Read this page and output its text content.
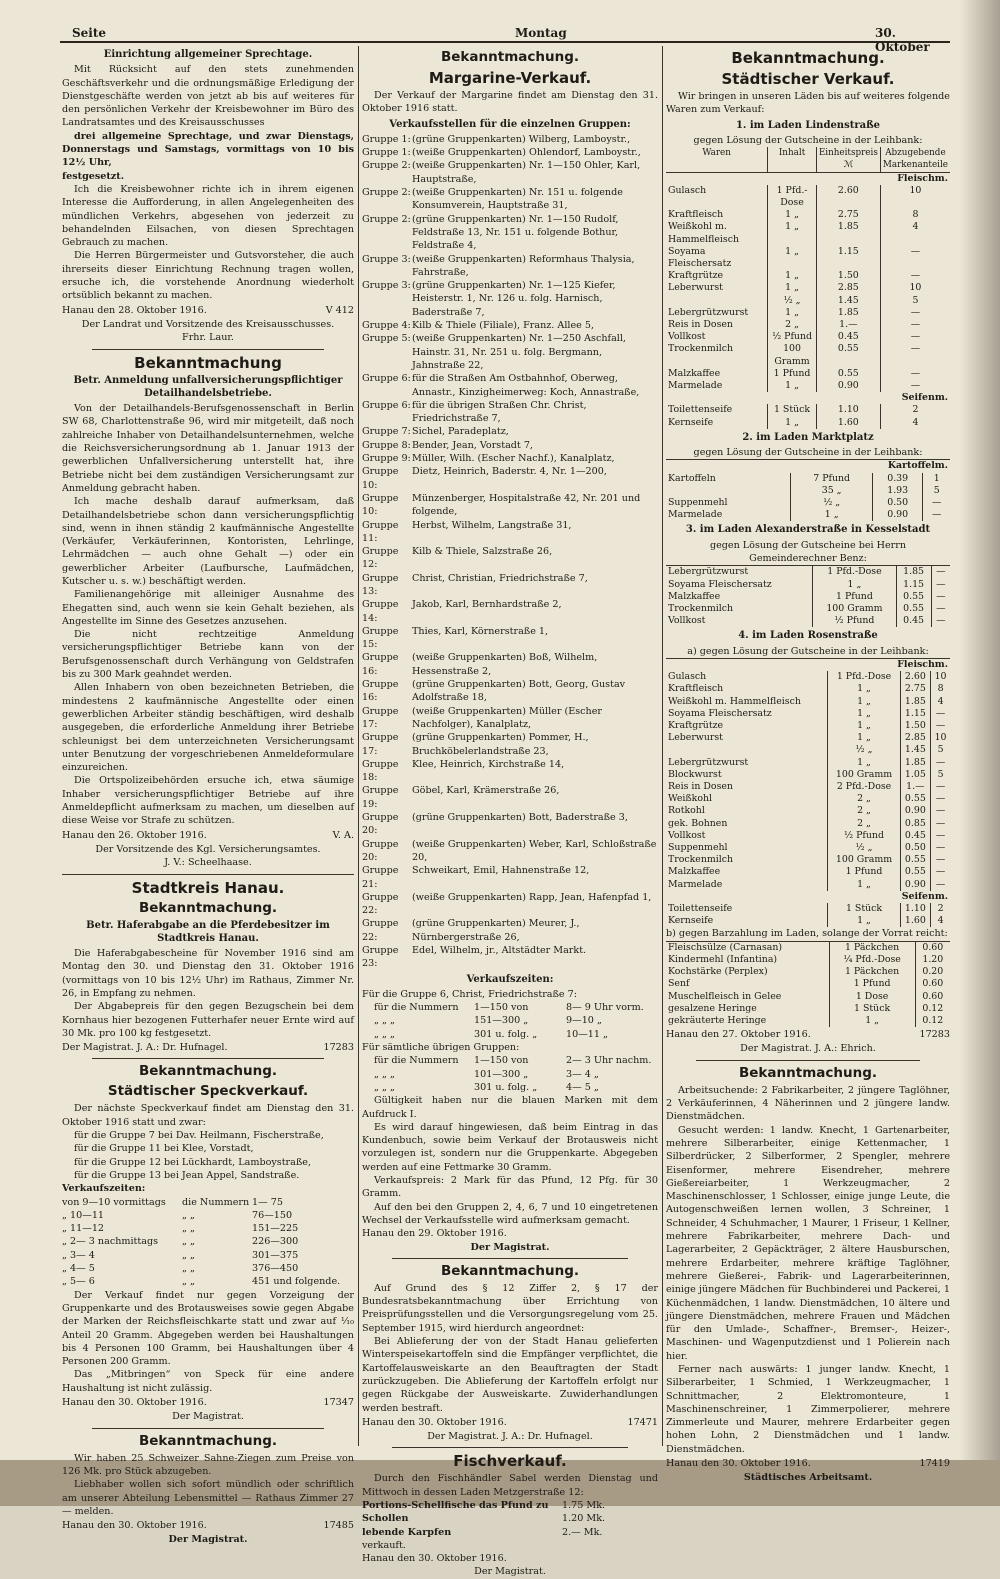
Seite	Montag	30. Oktober
Einrichtung allgemeiner Sprechtage.

Mit Rücksicht auf den stets zunehmenden Geschäftsverkehr und die ordnungsmäßige Erledigung der Dienstgeschäfte werden von jetzt ab bis auf weiteres für den persönlichen Verkehr der Kreisbewohner im Büro des Landratsamtes und des Kreisausschusses

drei allgemeine Sprechtage, und zwar Dienstags, Donnerstags und Samstags, vormittags von 10 bis 12½ Uhr,

festgesetzt.

Ich die Kreisbewohner richte ich in ihrem eigenen Interesse die Aufforderung, in allen Angelegenheiten des mündlichen Verkehrs, abgesehen von jederzeit zu behandelnden Eilsachen, von diesen Sprechtagen Gebrauch zu machen.

Die Herren Bürgermeister und Gutsvorsteher, die auch ihrerseits dieser Einrichtung Rechnung tragen wollen, ersuche ich, die vorstehende Anordnung wiederholt ortsüblich bekannt zu machen.

Hanau den 28. Oktober 1916.	V 412
Der Landrat und Vorsitzende des Kreisausschusses.
Frhr. Laur.
Bekanntmachung
Betr. Anmeldung unfallversicherungspflichtiger Detailhandelsbetriebe.

Von der Detailhandels-Berufsgenossenschaft in Berlin SW 68, Charlottenstraße 96, wird mir mitgeteilt, daß noch zahlreiche Inhaber von Detailhandelsunternehmen, welche die Reichsversicherungsordnung ab 1. Januar 1913 der gewerblichen Unfallversicherung unterstellt hat, ihre Betriebe nicht bei dem zuständigen Versicherungsamt zur Anmeldung gebracht haben.

Ich mache deshalb darauf aufmerksam, daß Detailhandelsbetriebe schon dann versicherungspflichtig sind, wenn in ihnen ständig 2 kaufmännische Angestellte (Verkäufer, Verkäuferinnen, Kontoristen, Lehrlinge, Lehrmädchen — auch ohne Gehalt —) oder ein gewerblicher Arbeiter (Laufbursche, Laufmädchen, Kutscher u. s. w.) beschäftigt werden.

Familienangehörige mit alleiniger Ausnahme des Ehegatten sind, auch wenn sie kein Gehalt beziehen, als Angestellte im Sinne des Gesetzes anzusehen.

Die nicht rechtzeitige Anmeldung versicherungspflichtiger Betriebe kann von der Berufsgenossenschaft durch Verhängung von Geldstrafen bis zu 300 Mark geahndet werden.

Allen Inhabern von oben bezeichneten Betrieben, die mindestens 2 kaufmännische Angestellte oder einen gewerblichen Arbeiter ständig beschäftigen, wird deshalb ausgegeben, die erforderliche Anmeldung ihrer Betriebe schleunigst bei dem unterzeichneten Versicherungsamt unter Benutzung der vorgeschriebenen Anmeldeformulare einzureichen.

Die Ortspolizeibehörden ersuche ich, etwa säumige Inhaber versicherungspflichtiger Betriebe auf ihre Anmeldepflicht aufmerksam zu machen, um dieselben auf diese Weise vor Strafe zu schützen.

Hanau den 26. Oktober 1916.	V. A.
Der Vorsitzende des Kgl. Versicherungsamtes.
J. V.: Scheelhaase.
Stadtkreis Hanau.
Bekanntmachung.
Betr. Haferabgabe an die Pferdebesitzer im Stadtkreis Hanau.

Die Haferabgabescheine für November 1916 sind am Montag den 30. und Dienstag den 31. Oktober 1916 (vormittags von 10 bis 12½ Uhr) im Rathaus, Zimmer Nr. 26, in Empfang zu nehmen.

Der Abgabepreis für den gegen Bezugschein bei dem Kornhaus hier bezogenen Futterhafer neuer Ernte wird auf 30 Mk. pro 100 kg festgesetzt.

Der Magistrat. J. A.: Dr. Hufnagel.	17283
Bekanntmachung.
Städtischer Speckverkauf.

Der nächste Speckverkauf findet am Dienstag den 31. Oktober 1916 statt und zwar:

für die Gruppe 7 bei Dav. Heilmann, Fischerstraße,
für die Gruppe 11 bei Klee, Vorstadt,
für die Gruppe 12 bei Lückhardt, Lamboystraße,
für die Gruppe 13 bei Jean Appel, Sandstraße.
Verkaufszeiten:
von 9—10 vormittags	die Nummern 1— 75
„ 10—11	„ „	76—150
„ 11—12	„ „	151—225
„ 2— 3 nachmittags	„ „	226—300
„ 3— 4	„ „	301—375
„ 4— 5	„ „	376—450
„ 5— 6	„ „	451 und folgende.

Der Verkauf findet nur gegen Vorzeigung der Gruppenkarte und des Brotausweises sowie gegen Abgabe der Marken der Reichsfleischkarte statt und zwar auf ¹⁄₁₀ Anteil 20 Gramm. Abgegeben werden bei Haushaltungen bis 4 Personen 100 Gramm, bei Haushaltungen über 4 Personen 200 Gramm.

Das „Mitbringen“ von Speck für eine andere Haushaltung ist nicht zulässig.

Hanau den 30. Oktober 1916.	17347
Der Magistrat.
Bekanntmachung.

Wir haben 25 Schweizer Sahne-Ziegen zum Preise von 126 Mk. pro Stück abzugeben.

Liebhaber wollen sich sofort mündlich oder schriftlich am unserer Abteilung Lebensmittel — Rathaus Zimmer 27 — melden.

Hanau den 30. Oktober 1916.	17485
Der Magistrat.
Bekanntmachung.
Margarine-Verkauf.

Der Verkauf der Margarine findet am Dienstag den 31. Oktober 1916 statt.

Verkaufsstellen für die einzelnen Gruppen:
Gruppe 1: (grüne Gruppenkarten) Wilberg, Lamboystr.,
Gruppe 1: (weiße Gruppenkarten) Ohlendorf, Lamboystr.,
Gruppe 2: (weiße Gruppenkarten) Nr. 1—150 Ohler, Karl, Hauptstraße,
Gruppe 2: (weiße Gruppenkarten) Nr. 151 u. folgende Konsumverein, Hauptstraße 31,
Gruppe 2: (grüne Gruppenkarten) Nr. 1—150 Rudolf, Feldstraße 13, Nr. 151 u. folgende Bothur, Feldstraße 4,
Gruppe 3: (weiße Gruppenkarten) Reformhaus Thalysia, Fahrstraße,
Gruppe 3: (grüne Gruppenkarten) Nr. 1—125 Kiefer, Heisterstr. 1, Nr. 126 u. folg. Harnisch, Baderstraße 7,
Gruppe 4: Kilb & Thiele (Filiale), Franz. Allee 5,
Gruppe 5: (weiße Gruppenkarten) Nr. 1—250 Aschfall, Hainstr. 31, Nr. 251 u. folg. Bergmann, Jahnstraße 22,
Gruppe 6: für die Straßen Am Ostbahnhof, Oberweg, Annastr., Kinzigheimerweg: Koch, Annastraße,
Gruppe 6: für die übrigen Straßen Chr. Christ, Friedrichstraße 7,
Gruppe 7: Sichel, Paradeplatz,
Gruppe 8: Bender, Jean, Vorstadt 7,
Gruppe 9: Müller, Wilh. (Escher Nachf.), Kanalplatz,
Gruppe 10:
Dietz, Heinrich, Baderstr. 4, Nr. 1—200,
Gruppe 10:
Münzenberger, Hospitalstraße 42, Nr. 201 und folgende,
Gruppe 11:
Herbst, Wilhelm, Langstraße 31,
Gruppe 12:
Kilb & Thiele, Salzstraße 26,
Gruppe 13:
Christ, Christian, Friedrichstraße 7,
Gruppe 14:
Jakob, Karl, Bernhardstraße 2,
Gruppe 15:
Thies, Karl, Körnerstraße 1,
Gruppe 16:
(weiße Gruppenkarten) Boß, Wilhelm, Hessenstraße 2,
Gruppe 16:
(grüne Gruppenkarten) Bott, Georg, Gustav Adolfstraße 18,
Gruppe 17:
(weiße Gruppenkarten) Müller (Escher Nachfolger), Kanalplatz,
Gruppe 17:
(grüne Gruppenkarten) Pommer, H., Bruchköbelerlandstraße 23,
Gruppe 18:
Klee, Heinrich, Kirchstraße 14,
Gruppe 19:
Göbel, Karl, Krämerstraße 26,
Gruppe 20:
(grüne Gruppenkarten) Bott, Baderstraße 3,
Gruppe 20:
(weiße Gruppenkarten) Weber, Karl, Schloßstraße 20,
Gruppe 21:
Schweikart, Emil, Hahnenstraße 12,
Gruppe 22:
(weiße Gruppenkarten) Rapp, Jean, Hafenpfad 1,
Gruppe 22:
(grüne Gruppenkarten) Meurer, J., Nürnbergerstraße 26,
Gruppe 23:
Edel, Wilhelm, jr., Altstädter Markt.
Verkaufszeiten:
Für die Gruppe 6, Christ, Friedrichstraße 7:
für die Nummern	1—150 von	8— 9 Uhr vorm.
„ „ „	151—300 „	9—10 „
„ „ „	301 u. folg. „	10—11 „
Für sämtliche übrigen Gruppen:
für die Nummern	1—150 von	2— 3 Uhr nachm.
„ „ „	101—300 „	3— 4 „
„ „ „	301 u. folg. „	4— 5 „

Gültigkeit haben nur die blauen Marken mit dem Aufdruck I.

Es wird darauf hingewiesen, daß beim Eintrag in das Kundenbuch, sowie beim Verkauf der Brotausweis nicht vorzulegen ist, sondern nur die Gruppenkarte. Abgegeben werden auf eine Fettmarke 30 Gramm.

Verkaufspreis: 2 Mark für das Pfund, 12 Pfg. für 30 Gramm.

Auf den bei den Gruppen 2, 4, 6, 7 und 10 eingetretenen Wechsel der Verkaufsstelle wird aufmerksam gemacht.

Hanau den 29. Oktober 1916.
Der Magistrat.
Bekanntmachung.

Auf Grund des § 12 Ziffer 2, § 17 der Bundesratsbekanntmachung über Errichtung von Preisprüfungsstellen und die Versorgungsregelung vom 25. September 1915, wird hierdurch angeordnet:

Bei Ablieferung der von der Stadt Hanau gelieferten Winterspeisekartoffeln sind die Empfänger verpflichtet, die Kartoffelausweiskarte an den Beauftragten der Stadt zurückzugeben. Die Ablieferung der Kartoffeln erfolgt nur gegen Rückgabe der Ausweiskarte. Zuwiderhandlungen werden bestraft.

Hanau den 30. Oktober 1916.	17471
Der Magistrat. J. A.: Dr. Hufnagel.
Fischverkauf.

Durch den Fischhändler Sabel werden Dienstag und Mittwoch in dessen Laden Metzgerstraße 12:

Portions-Schellfische das Pfund zu	1.75 Mk.
Schollen	1.20 Mk.
lebende Karpfen	2.— Mk.

verkauft.

Hanau den 30. Oktober 1916.
Der Magistrat.
Bekanntmachung.
Städtischer Verkauf.

Wir bringen in unseren Läden bis auf weiteres folgende Waren zum Verkauf:

1. im Laden Lindenstraße
gegen Lösung der Gutscheine in der Leihbank:
Waren	Inhalt	Einheitspreis ℳ	Abzugebende Markenanteile
Fleischm.			
Gulasch	1 Pfd.-Dose	2.60	10
Kraftfleisch	1 „	2.75	8
Weißkohl m. Hammelfleisch	1 „	1.85	4
Soyama Fleischersatz	1 „	1.15	—
Kraftgrütze	1 „	1.50	—
Leberwurst	1 „	2.85	10
	½ „	1.45	5
Lebergrützwurst	1 „	1.85	—
Reis in Dosen	2 „	1.—	—
Vollkost	½ Pfund	0.45	—
Trockenmilch	100 Gramm	0.55	—
Malzkaffee	1 Pfund	0.55	—
Marmelade	1 „	0.90	—
Seifenm.			
Toilettenseife	1 Stück	1.10	2
Kernseife	1 „	1.60	4
2. im Laden Marktplatz
gegen Lösung der Gutscheine in der Leihbank:
Kartoffelm.			
Kartoffeln	7 Pfund	0.39	1
	35 „	1.93	5
Suppenmehl	½ „	0.50	—
Marmelade	1 „	0.90	—
3. im Laden Alexanderstraße in Kesselstadt
gegen Lösung der Gutscheine bei Herrn Gemeinderechner Benz:
Lebergrützwurst	1 Pfd.-Dose	1.85	—
Soyama Fleischersatz	1 „	1.15	—
Malzkaffee	1 Pfund	0.55	—
Trockenmilch	100 Gramm	0.55	—
Vollkost	½ Pfund	0.45	—
4. im Laden Rosenstraße
a) gegen Lösung der Gutscheine in der Leihbank:
Fleischm.			
Gulasch	1 Pfd.-Dose	2.60	10
Kraftfleisch	1 „	2.75	8
Weißkohl m. Hammelfleisch	1 „	1.85	4
Soyama Fleischersatz	1 „	1.15	—
Kraftgrütze	1 „	1.50	—
Leberwurst	1 „	2.85	10
	½ „	1.45	5
Lebergrützwurst	1 „	1.85	—
Blockwurst	100 Gramm	1.05	5
Reis in Dosen	2 Pfd.-Dose	1.—	—
Weißkohl	2 „	0.55	—
Rotkohl	2 „	0.90	—
gek. Bohnen	2 „	0.85	—
Vollkost	½ Pfund	0.45	—
Suppenmehl	½ „	0.50	—
Trockenmilch	100 Gramm	0.55	—
Malzkaffee	1 Pfund	0.55	—
Marmelade	1 „	0.90	—
Seifenm.			
Toilettenseife	1 Stück	1.10	2
Kernseife	1 „	1.60	4
b) gegen Barzahlung im Laden, solange der Vorrat reicht:
Fleischsülze (Carnasan)	1 Päckchen	0.60
Kindermehl (Infantina)	¼ Pfd.-Dose	1.20
Kochstärke (Perplex)	1 Päckchen	0.20
Senf	1 Pfund	0.60
Muschelfleisch in Gelee	1 Dose	0.60
gesalzene Heringe	1 Stück	0.12
gekräuterte Heringe	1 „	0.12
Hanau den 27. Oktober 1916.	17283
Der Magistrat. J. A.: Ehrich.
Bekanntmachung.

Arbeitsuchende: 2 Fabrikarbeiter, 2 jüngere Taglöhner, 2 Verkäuferinnen, 4 Näherinnen und 2 jüngere landw. Dienstmädchen.

Gesucht werden: 1 landw. Knecht, 1 Gartenarbeiter, mehrere Silberarbeiter, einige Kettenmacher, 1 Silberdrücker, 2 Silberformer, 2 Spengler, mehrere Eisenformer, mehrere Eisendreher, mehrere Gießereiarbeiter, 1 Werkzeugmacher, 2 Maschinenschlosser, 1 Schlosser, einige junge Leute, die Autogenschweißen lernen wollen, 3 Schreiner, 1 Schneider, 4 Schuhmacher, 1 Maurer, 1 Friseur, 1 Kellner, mehrere Fabrikarbeiter, mehrere Dach- und Lagerarbeiter, 2 Gepäckträger, 2 ältere Hausburschen, mehrere Erdarbeiter, mehrere kräftige Taglöhner, mehrere Gießerei-, Fabrik- und Lagerarbeiterinnen, einige jüngere Mädchen für Buchbinderei und Packerei, 1 Küchenmädchen, 1 landw. Dienstmädchen, 10 ältere und jüngere Dienstmädchen, mehrere Frauen und Mädchen für den Umlade-, Schaffner-, Bremser-, Heizer-, Maschinen- und Wagenputzdienst und 1 Polierein nach hier.

Ferner nach auswärts: 1 junger landw. Knecht, 1 Silberarbeiter, 1 Schmied, 1 Werkzeugmacher, 1 Schnittmacher, 2 Elektromonteure, 1 Maschinenschreiner, 1 Zimmerpolierer, mehrere Zimmerleute und Maurer, mehrere Erdarbeiter gegen hohen Lohn, 2 Dienstmädchen und 1 landw. Dienstmädchen.

Hanau den 30. Oktober 1916.	17419
Städtisches Arbeitsamt.
